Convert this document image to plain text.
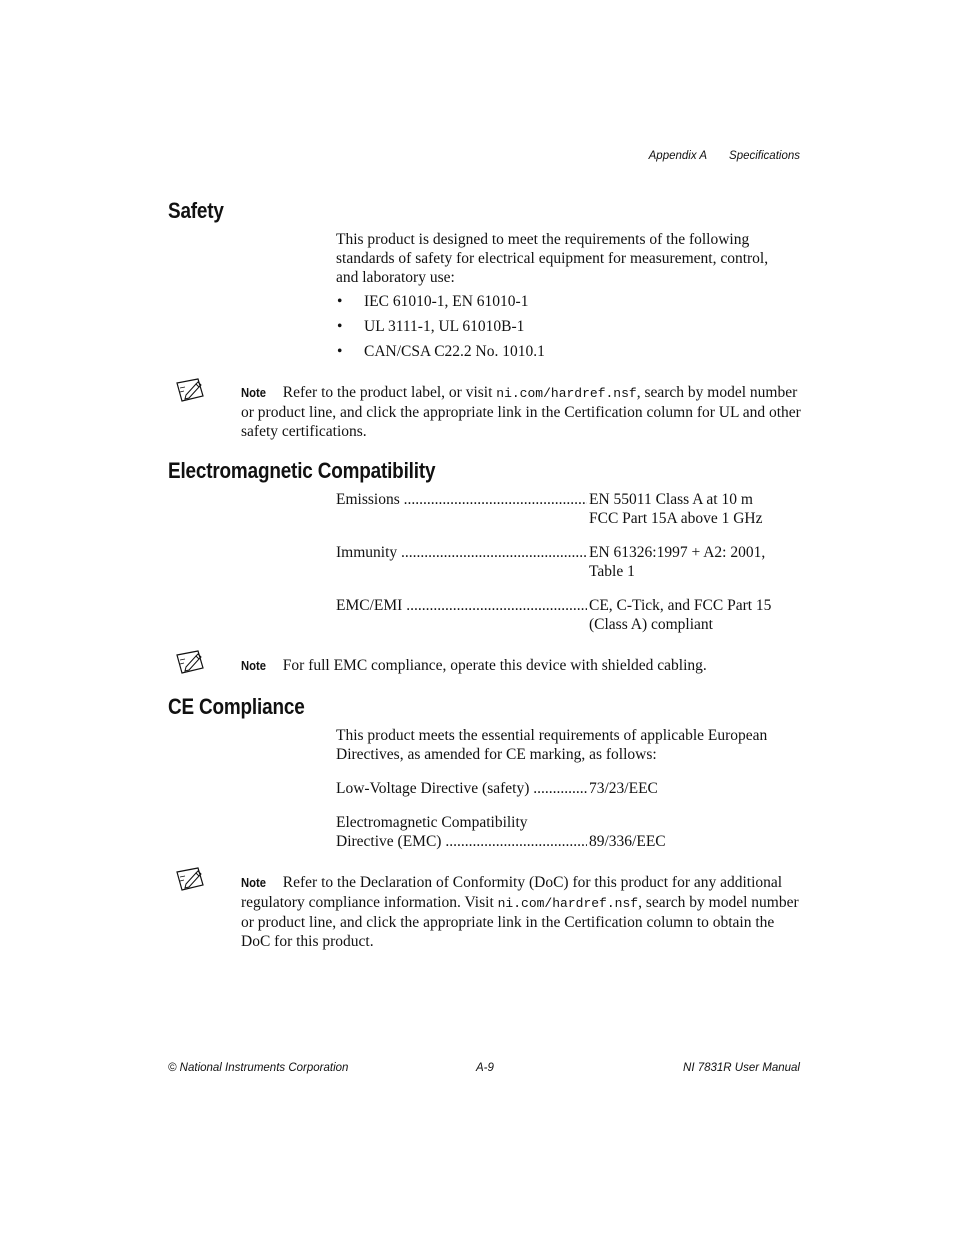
Appendix A Specifications
Safety

This product is designed to meet the requirements of the following standards of safety for electrical equipment for measurement, control, and laboratory use:

• IEC 61010-1, EN 61010-1
• UL 3111-1, UL 61010B-1
• CAN/CSA C22.2 No. 1010.1

Note Refer to the product label, or visit ni.com/hardref.nsf, search by model number or product line, and click the appropriate link in the Certification column for UL and other safety certifications.

Electromagnetic Compatibility
Emissions .....	EN 55011 Class A at 10 m
FCC Part 15A above 1 GHz
Immunity .....	EN 61326:1997 + A2: 2001,
Table 1
EMC/EMI .....	CE, C-Tick, and FCC Part 15
(Class A) compliant

Note For full EMC compliance, operate this device with shielded cabling.

CE Compliance

This product meets the essential requirements of applicable European Directives, as amended for CE marking, as follows:

Low-Voltage Directive (safety) .....	73/23/EEC
Electromagnetic Compatibility
Directive (EMC) .....	89/336/EEC

Note Refer to the Declaration of Conformity (DoC) for this product for any additional regulatory compliance information. Visit ni.com/hardref.nsf, search by model number or product line, and click the appropriate link in the Certification column to obtain the DoC for this product.

© National Instruments Corporation	A-9	NI 7831R User Manual
